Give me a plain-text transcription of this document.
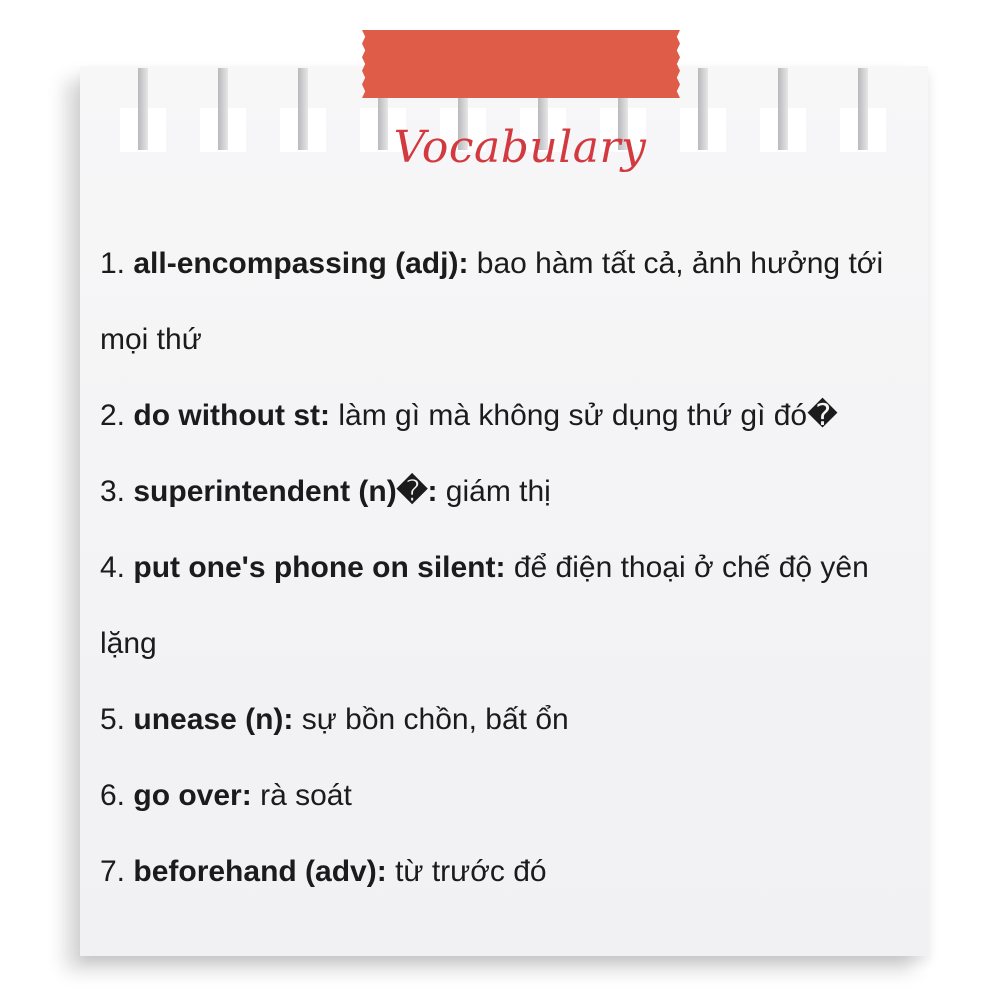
Vocabulary

1. all-encompassing (adj): bao hàm tất cả, ảnh hưởng tới mọi thứ

2. do without st: làm gì mà không sử dụng thứ gì đó�

3. superintendent (n)�: giám thị

4. put one's phone on silent: để điện thoại ở chế độ yên lặng

5. unease (n): sự bồn chồn, bất ổn

6. go over: rà soát

7. beforehand (adv): từ trước đó
